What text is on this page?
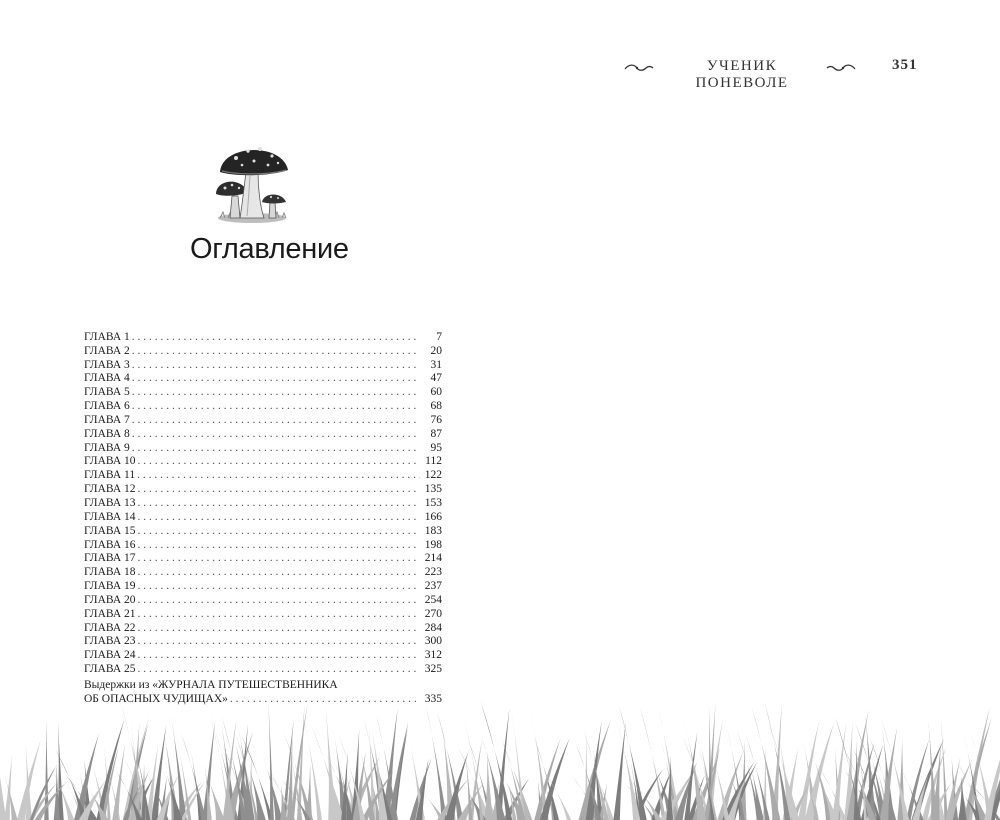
УЧЕНИК ПОНЕВОЛЕ
351
Оглавление
ГЛАВА 1 . . .	7
ГЛАВА 2 . . .	20
ГЛАВА 3 . . .	31
ГЛАВА 4 . . .	47
ГЛАВА 5 . . .	60
ГЛАВА 6 . . .	68
ГЛАВА 7 . . .	76
ГЛАВА 8 . . .	87
ГЛАВА 9 . . .	95
ГЛАВА 10 . . .	112
ГЛАВА 11 . . .	122
ГЛАВА 12 . . .	135
ГЛАВА 13 . . .	153
ГЛАВА 14 . . .	166
ГЛАВА 15 . . .	183
ГЛАВА 16 . . .	198
ГЛАВА 17 . . .	214
ГЛАВА 18 . . .	223
ГЛАВА 19 . . .	237
ГЛАВА 20 . . .	254
ГЛАВА 21 . . .	270
ГЛАВА 22 . . .	284
ГЛАВА 23 . . .	300
ГЛАВА 24 . . .	312
ГЛАВА 25 . . .	325
Выдержки из «ЖУРНАЛА ПУТЕШЕСТВЕННИКА
ОБ ОПАСНЫХ ЧУДИЩАХ» . . .	335
